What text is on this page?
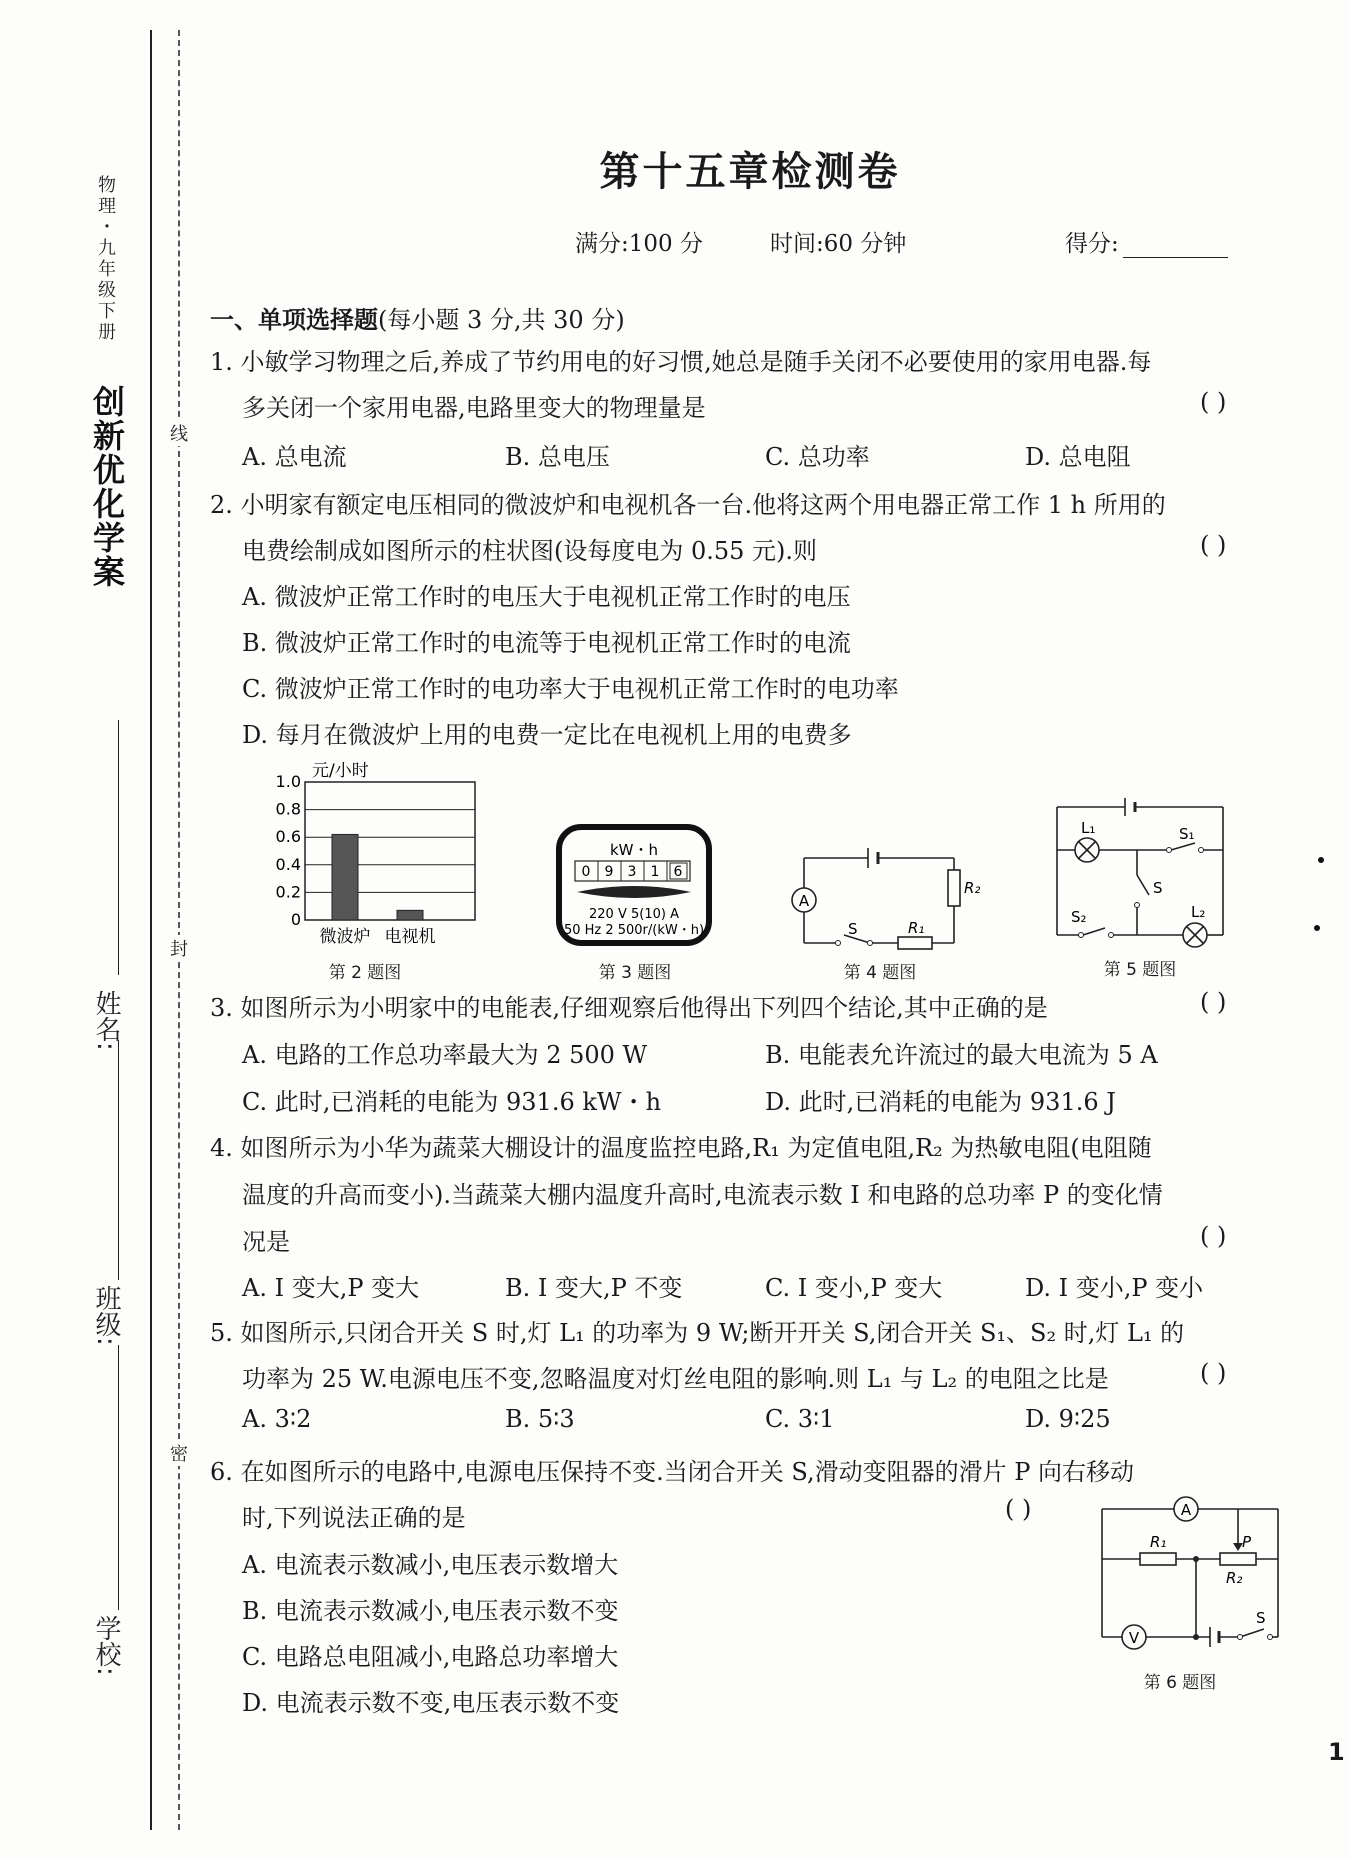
物理・九年级下册
创新优化学案
姓名:
班级:
学校:
线
封
密
第十五章检测卷
满分:100 分	时间:60 分钟	得分:
一、单项选择题(每小题 3 分,共 30 分)
1. 小敏学习物理之后,养成了节约用电的好习惯,她总是随手关闭不必要使用的家用电器.每
多关闭一个家用电器,电路里变大的物理量是	( )
A. 总电流	B. 总电压	C. 总功率	D. 总电阻
2. 小明家有额定电压相同的微波炉和电视机各一台.他将这两个用电器正常工作 1 h 所用的
电费绘制成如图所示的柱状图(设每度电为 0.55 元).则	( )
A. 微波炉正常工作时的电压大于电视机正常工作时的电压
B. 微波炉正常工作时的电流等于电视机正常工作时的电流
C. 微波炉正常工作时的电功率大于电视机正常工作时的电功率
D. 每月在微波炉上用的电费一定比在电视机上用的电费多
0
0.2
0.4
0.6
0.8
1.0
微波炉 电视机
元/小时
第 2 题图
kW・h
0 9 3 1 6
220 V 5(10) A
50 Hz 2 500r/(kW・h)
第 3 题图
A
R₂
R₁
S
第 4 题图
L₁	S₁
S
S₂	L₂
第 5 题图
3. 如图所示为小明家中的电能表,仔细观察后他得出下列四个结论,其中正确的是	( )
A. 电路的工作总功率最大为 2 500 W	B. 电能表允许流过的最大电流为 5 A
C. 此时,已消耗的电能为 931.6 kW・h	D. 此时,已消耗的电能为 931.6 J
4. 如图所示为小华为蔬菜大棚设计的温度监控电路,R₁ 为定值电阻,R₂ 为热敏电阻(电阻随
温度的升高而变小).当蔬菜大棚内温度升高时,电流表示数 I 和电路的总功率 P 的变化情
况是	( )
A. I 变大,P 变大	B. I 变大,P 不变	C. I 变小,P 变大	D. I 变小,P 变小
5. 如图所示,只闭合开关 S 时,灯 L₁ 的功率为 9 W;断开开关 S,闭合开关 S₁、S₂ 时,灯 L₁ 的
功率为 25 W.电源电压不变,忽略温度对灯丝电阻的影响.则 L₁ 与 L₂ 的电阻之比是	( )
A. 3∶2	B. 5∶3	C. 3∶1	D. 9∶25
6. 在如图所示的电路中,电源电压保持不变.当闭合开关 S,滑动变阻器的滑片 P 向右移动
时,下列说法正确的是	( )
A. 电流表示数减小,电压表示数增大
B. 电流表示数减小,电压表示数不变
C. 电路总电阻减小,电路总功率增大
D. 电流表示数不变,电压表示数不变
A
V
R₁	P
R₂
S
第 6 题图
1
